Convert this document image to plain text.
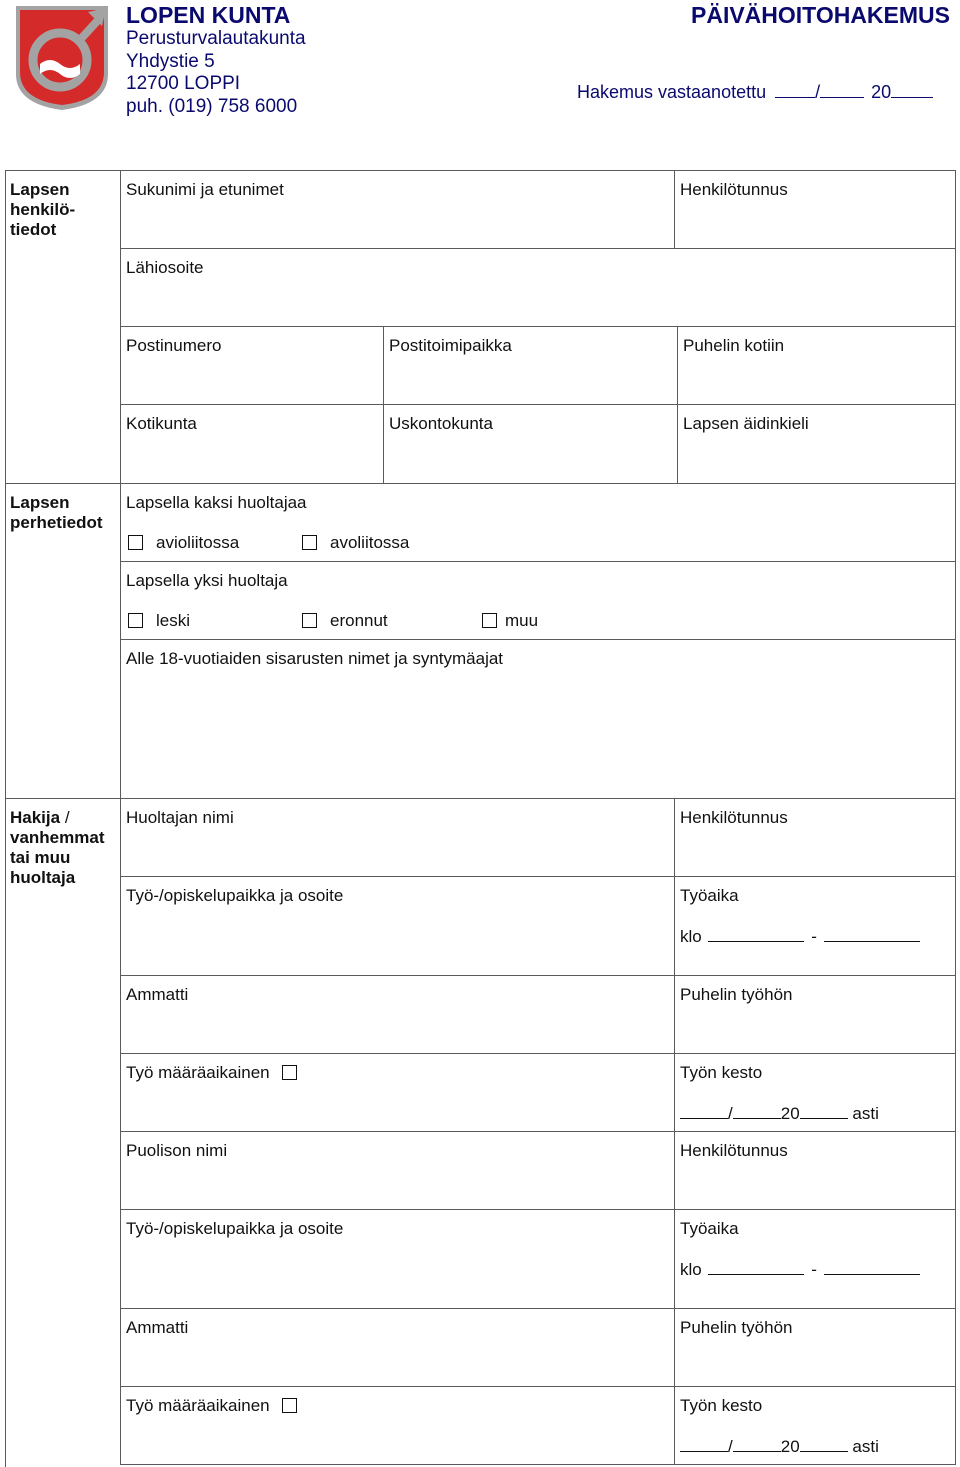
LOPEN KUNTA
Perusturvalautakunta
Yhdystie 5
12700 LOPPI
puh. (019) 758 6000
PÄIVÄHOITOHAKEMUS
Hakemus vastaanotettu	/	20
Lapsen
henkilö-
tiedot
Sukunimi ja etunimet	Henkilötunnus
Lähiosoite
Postinumero	Postitoimipaikka	Puhelin kotiin
Kotikunta	Uskontokunta	Lapsen äidinkieli
Lapsen
perhetiedot
Lapsella kaksi huoltajaa
avioliitossa	avoliitossa
Lapsella yksi huoltaja
leski	eronnut	muu
Alle 18-vuotiaiden sisarusten nimet ja syntymäajat
Hakija /
vanhemmat
tai muu
huoltaja
Huoltajan nimi	Henkilötunnus
Työ-/opiskelupaikka ja osoite	Työaika
klo	-
Ammatti	Puhelin työhön
Työ määräaikainen	Työn kesto
/	20	asti
Puolison nimi	Henkilötunnus
Työ-/opiskelupaikka ja osoite	Työaika
klo	-
Ammatti	Puhelin työhön
Työ määräaikainen	Työn kesto
/	20	asti
